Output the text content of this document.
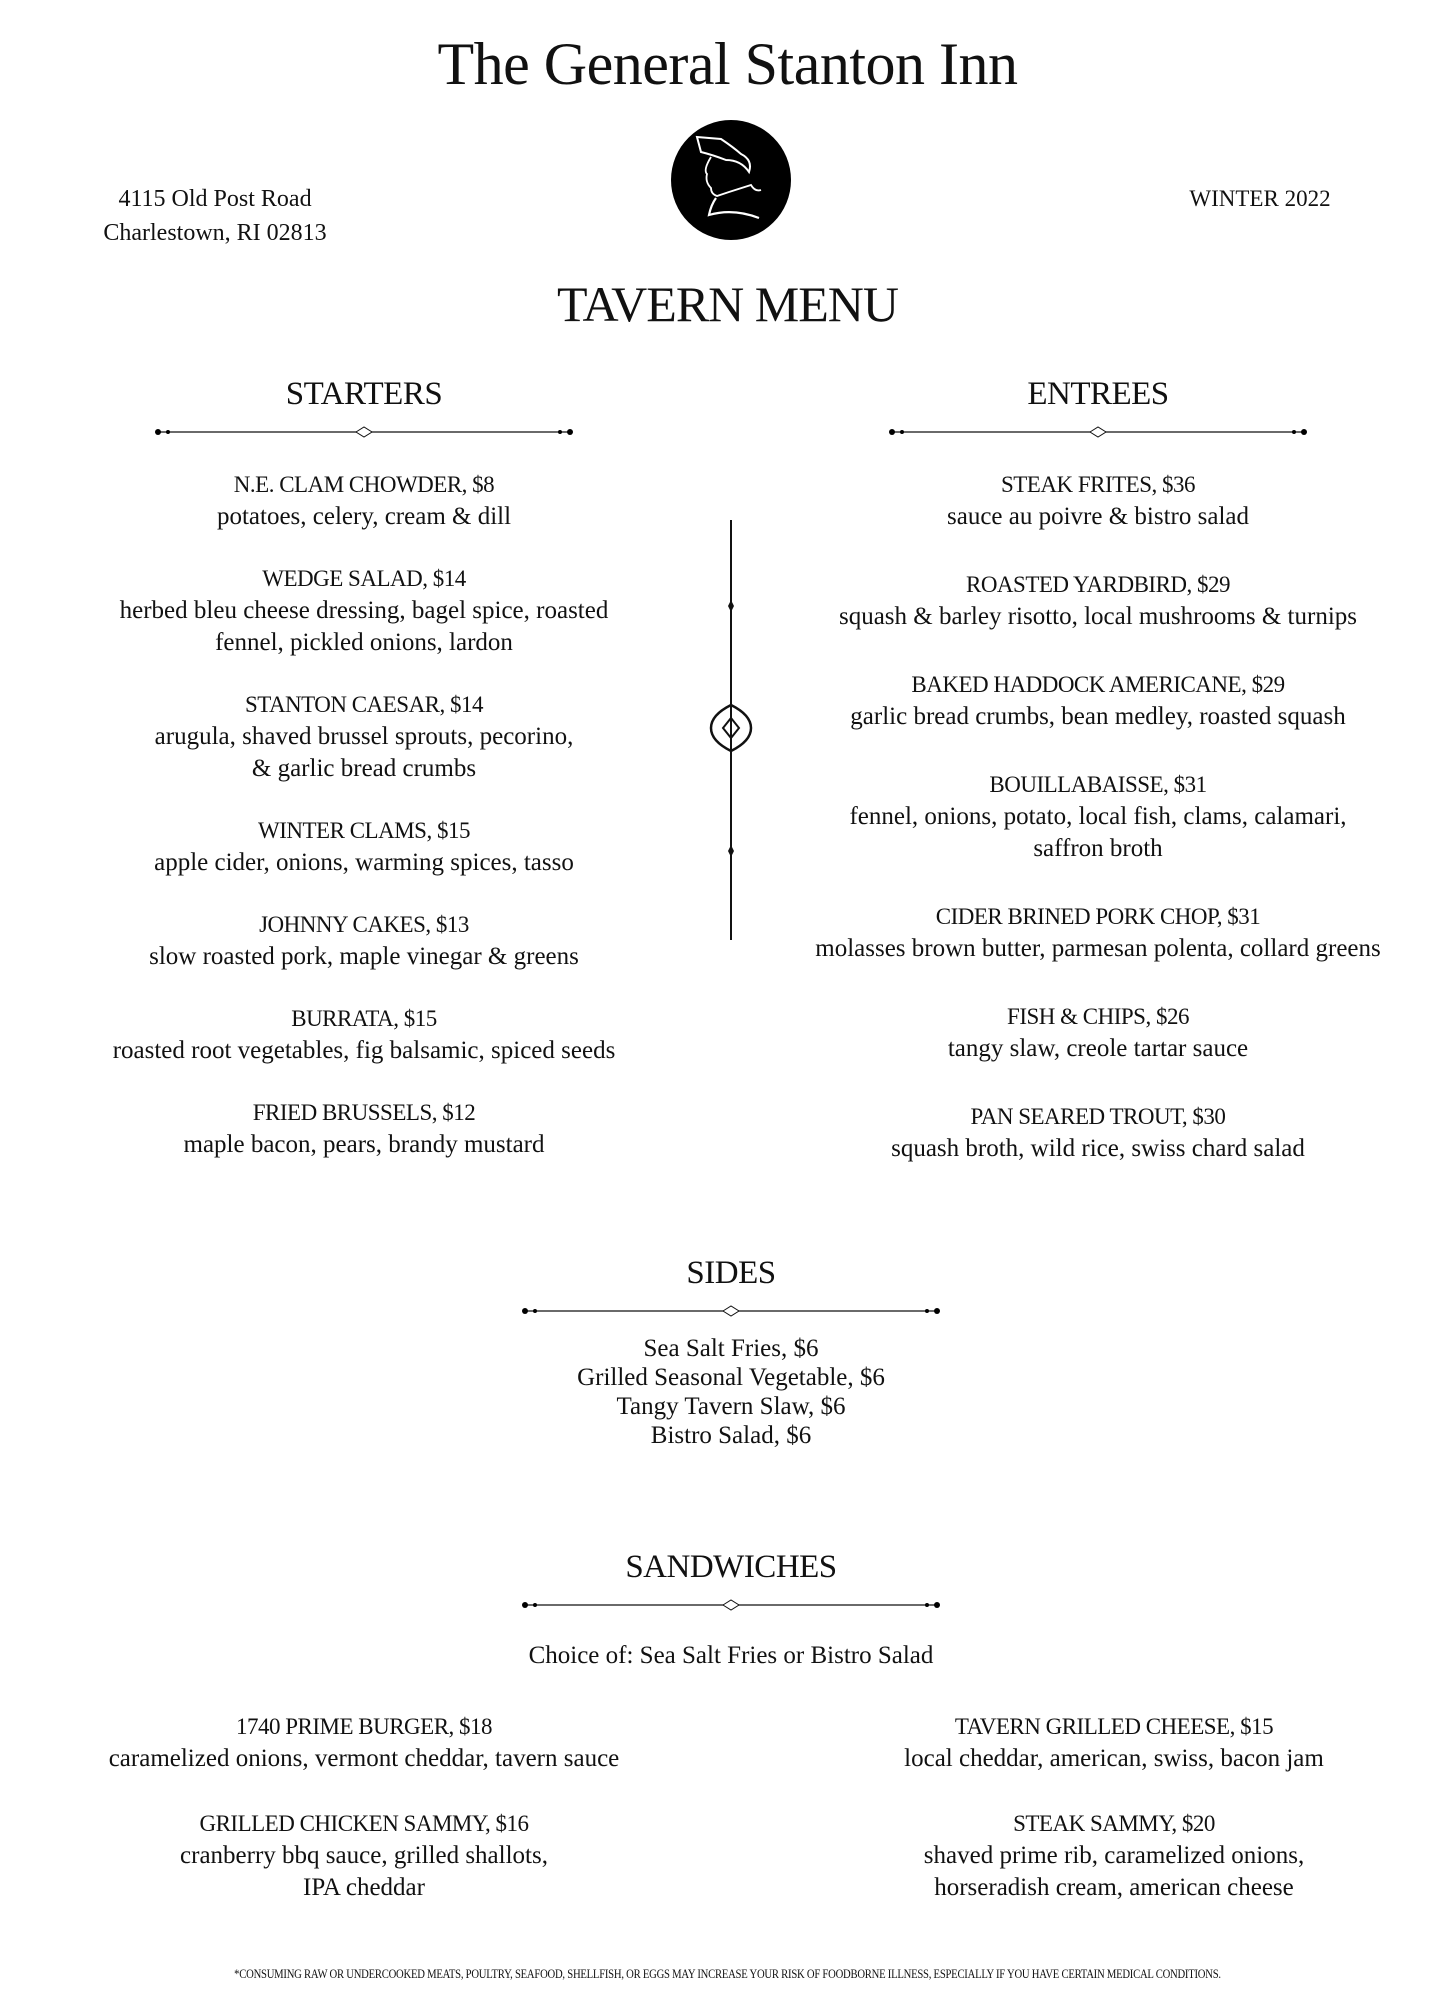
The General Stanton Inn
4115 Old Post Road
Charlestown, RI 02813
WINTER 2022
TAVERN MENU
STARTERS
N.E. CLAM CHOWDER, $8
potatoes, celery, cream & dill
WEDGE SALAD, $14
herbed bleu cheese dressing, bagel spice, roasted
fennel, pickled onions, lardon
STANTON CAESAR, $14
arugula, shaved brussel sprouts, pecorino,
& garlic bread crumbs
WINTER CLAMS, $15
apple cider, onions, warming spices, tasso
JOHNNY CAKES, $13
slow roasted pork, maple vinegar & greens
BURRATA, $15
roasted root vegetables, fig balsamic, spiced seeds
FRIED BRUSSELS, $12
maple bacon, pears, brandy mustard
ENTREES
STEAK FRITES, $36
sauce au poivre & bistro salad
ROASTED YARDBIRD, $29
squash & barley risotto, local mushrooms & turnips
BAKED HADDOCK AMERICANE, $29
garlic bread crumbs, bean medley, roasted squash
BOUILLABAISSE, $31
fennel, onions, potato, local fish, clams, calamari,
saffron broth
CIDER BRINED PORK CHOP, $31
molasses brown butter, parmesan polenta, collard greens
FISH & CHIPS, $26
tangy slaw, creole tartar sauce
PAN SEARED TROUT, $30
squash broth, wild rice, swiss chard salad
SIDES
Sea Salt Fries, $6
Grilled Seasonal Vegetable, $6
Tangy Tavern Slaw, $6
Bistro Salad, $6
SANDWICHES
Choice of: Sea Salt Fries or Bistro Salad
1740 PRIME BURGER, $18
caramelized onions, vermont cheddar, tavern sauce
GRILLED CHICKEN SAMMY, $16
cranberry bbq sauce, grilled shallots,
IPA cheddar
TAVERN GRILLED CHEESE, $15
local cheddar, american, swiss, bacon jam
STEAK SAMMY, $20
shaved prime rib, caramelized onions,
horseradish cream, american cheese
*CONSUMING RAW OR UNDERCOOKED MEATS, POULTRY, SEAFOOD, SHELLFISH, OR EGGS MAY INCREASE YOUR RISK OF FOODBORNE ILLNESS, ESPECIALLY IF YOU HAVE CERTAIN MEDICAL CONDITIONS.
